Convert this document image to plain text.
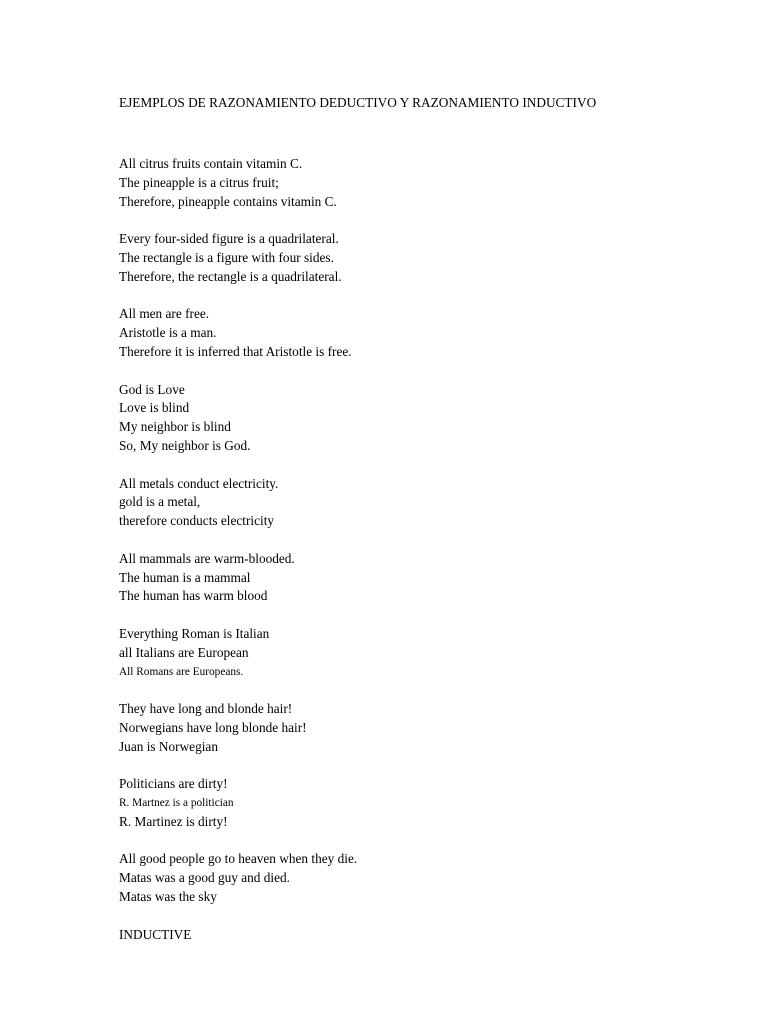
EJEMPLOS DE RAZONAMIENTO DEDUCTIVO Y RAZONAMIENTO INDUCTIVO
All citrus fruits contain vitamin C.
The pineapple is a citrus fruit;
Therefore, pineapple contains vitamin C.
Every four-sided figure is a quadrilateral.
The rectangle is a figure with four sides.
Therefore, the rectangle is a quadrilateral.
All men are free.
Aristotle is a man.
Therefore it is inferred that Aristotle is free.
God is Love
Love is blind
My neighbor is blind
So, My neighbor is God.
All metals conduct electricity.
gold is a metal,
therefore conducts electricity
All mammals are warm-blooded.
The human is a mammal
The human has warm blood
Everything Roman is Italian
all Italians are European
All Romans are Europeans.
They have long and blonde hair!
Norwegians have long blonde hair!
Juan is Norwegian
Politicians are dirty!
R. Martnez is a politician
R. Martinez is dirty!
All good people go to heaven when they die.
Matas was a good guy and died.
Matas was the sky
INDUCTIVE
